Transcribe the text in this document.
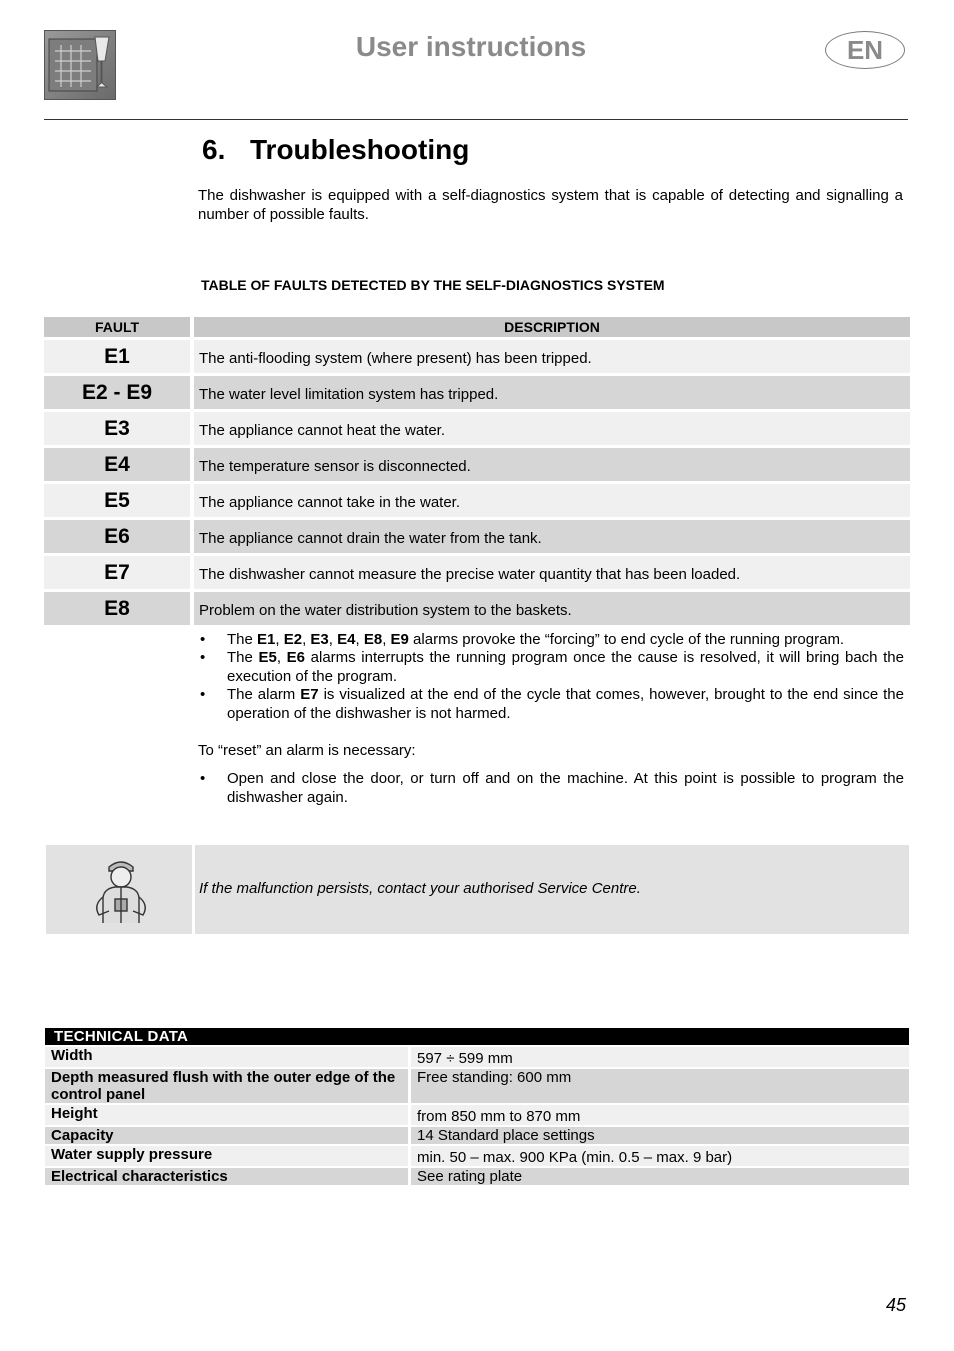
User instructions	EN
6. Troubleshooting
The dishwasher is equipped with a self-diagnostics system that is capable of detecting and signalling a number of possible faults.
TABLE OF FAULTS DETECTED BY THE SELF-DIAGNOSTICS SYSTEM
FAULT		DESCRIPTION
E1		The anti-flooding system (where present) has been tripped.
E2 - E9		The water level limitation system has tripped.
E3		The appliance cannot heat the water.
E4		The temperature sensor is disconnected.
E5		The appliance cannot take in the water.
E6		The appliance cannot drain the water from the tank.
E7		The dishwasher cannot measure the precise water quantity that has been loaded.
E8		Problem on the water distribution system to the baskets.
• The E1, E2, E3, E4, E8, E9 alarms provoke the “forcing” to end cycle of the running program.
• The E5, E6 alarms interrupts the running program once the cause is resolved, it will bring bach the execution of the program.
• The alarm E7 is visualized at the end of the cycle that comes, however, brought to the end since the operation of the dishwasher is not harmed.
To “reset” an alarm is necessary:
• Open and close the door, or turn off and on the machine. At this point is possible to program the dishwasher again.
If the malfunction persists, contact your authorised Service Centre.
TECHNICAL DATA		
Width		597 ÷ 599 mm
Depth measured flush with the outer edge of the control panel		Free standing: 600 mm
Height		from 850 mm to 870 mm
Capacity		14 Standard place settings
Water supply pressure		min. 50 – max. 900 KPa (min. 0.5 – max. 9 bar)
Electrical characteristics		See rating plate
45
